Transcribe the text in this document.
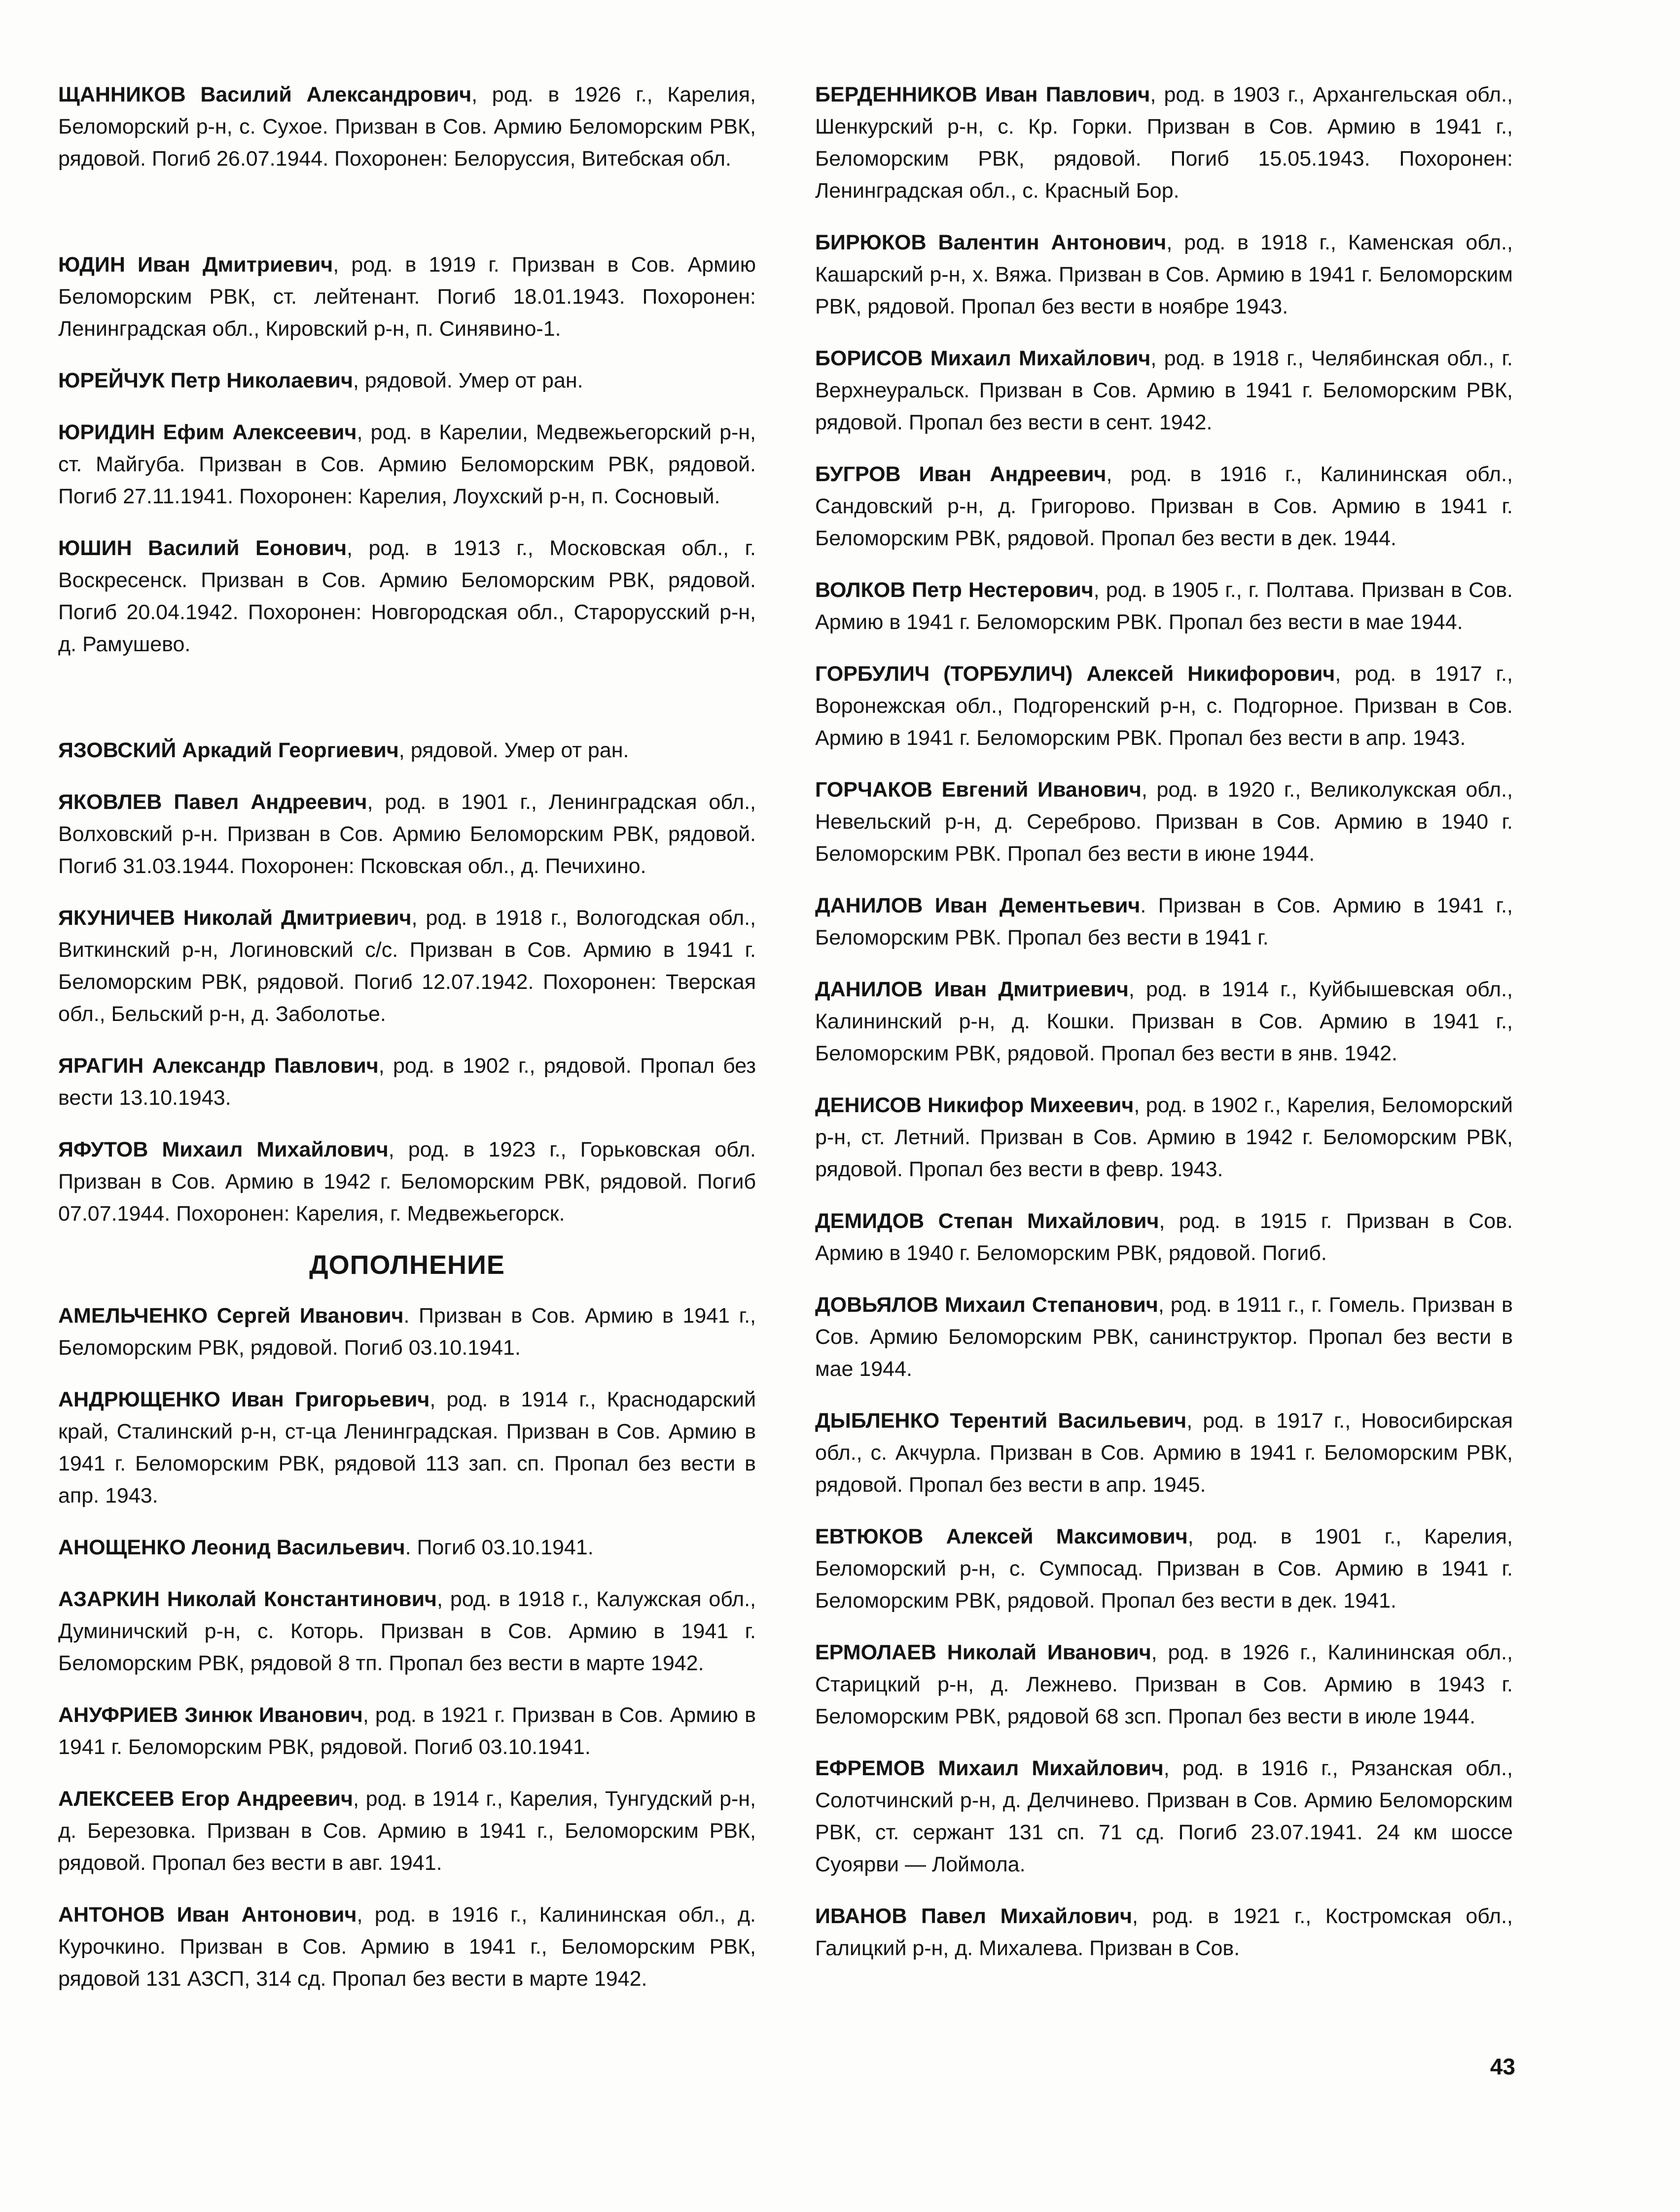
ЩАННИКОВ Василий Александрович, род. в 1926 г., Карелия, Беломорский р-н, с. Сухое. Призван в Сов. Армию Беломорским РВК, рядовой. Погиб 26.07.1944. Похоронен: Белоруссия, Витебская обл.

ЮДИН Иван Дмитриевич, род. в 1919 г. Призван в Сов. Армию Беломорским РВК, ст. лейтенант. Погиб 18.01.1943. Похоронен: Ленинградская обл., Кировский р-н, п. Синявино-1.

ЮРЕЙЧУК Петр Николаевич, рядовой. Умер от ран.

ЮРИДИН Ефим Алексеевич, род. в Карелии, Медвежьегорский р-н, ст. Майгуба. Призван в Сов. Армию Беломорским РВК, рядовой. Погиб 27.11.1941. Похоронен: Карелия, Лоухский р-н, п. Сосновый.

ЮШИН Василий Еонович, род. в 1913 г., Московская обл., г. Воскресенск. Призван в Сов. Армию Беломорским РВК, рядовой. Погиб 20.04.1942. Похоронен: Новгородская обл., Старорусский р-н, д. Рамушево.

ЯЗОВСКИЙ Аркадий Георгиевич, рядовой. Умер от ран.

ЯКОВЛЕВ Павел Андреевич, род. в 1901 г., Ленинградская обл., Волховский р-н. Призван в Сов. Армию Беломорским РВК, рядовой. Погиб 31.03.1944. Похоронен: Псковская обл., д. Печихино.

ЯКУНИЧЕВ Николай Дмитриевич, род. в 1918 г., Вологодская обл., Виткинский р-н, Логиновский с/с. Призван в Сов. Армию в 1941 г. Беломорским РВК, рядовой. Погиб 12.07.1942. Похоронен: Тверская обл., Бельский р-н, д. Заболотье.

ЯРАГИН Александр Павлович, род. в 1902 г., рядовой. Пропал без вести 13.10.1943.

ЯФУТОВ Михаил Михайлович, род. в 1923 г., Горьковская обл. Призван в Сов. Армию в 1942 г. Беломорским РВК, рядовой. Погиб 07.07.1944. Похоронен: Карелия, г. Медвежьегорск.

ДОПОЛНЕНИЕ

АМЕЛЬЧЕНКО Сергей Иванович. Призван в Сов. Армию в 1941 г., Беломорским РВК, рядовой. Погиб 03.10.1941.

АНДРЮЩЕНКО Иван Григорьевич, род. в 1914 г., Краснодарский край, Сталинский р-н, ст-ца Ленинградская. Призван в Сов. Армию в 1941 г. Беломорским РВК, рядовой 113 зап. сп. Пропал без вести в апр. 1943.

АНОЩЕНКО Леонид Васильевич. Погиб 03.10.1941.

АЗАРКИН Николай Константинович, род. в 1918 г., Калужская обл., Думиничский р-н, с. Которь. Призван в Сов. Армию в 1941 г. Беломорским РВК, рядовой 8 тп. Пропал без вести в марте 1942.

АНУФРИЕВ Зинюк Иванович, род. в 1921 г. Призван в Сов. Армию в 1941 г. Беломорским РВК, рядовой. Погиб 03.10.1941.

АЛЕКСЕЕВ Егор Андреевич, род. в 1914 г., Карелия, Тунгудский р-н, д. Березовка. Призван в Сов. Армию в 1941 г., Беломорским РВК, рядовой. Пропал без вести в авг. 1941.

АНТОНОВ Иван Антонович, род. в 1916 г., Калининская обл., д. Курочкино. Призван в Сов. Армию в 1941 г., Беломорским РВК, рядовой 131 АЗСП, 314 сд. Пропал без вести в марте 1942.

БЕРДЕННИКОВ Иван Павлович, род. в 1903 г., Архангельская обл., Шенкурский р-н, с. Кр. Горки. Призван в Сов. Армию в 1941 г., Беломорским РВК, рядовой. Погиб 15.05.1943. Похоронен: Ленинградская обл., с. Красный Бор.

БИРЮКОВ Валентин Антонович, род. в 1918 г., Каменская обл., Кашарский р-н, х. Вяжа. Призван в Сов. Армию в 1941 г. Беломорским РВК, рядовой. Пропал без вести в ноябре 1943.

БОРИСОВ Михаил Михайлович, род. в 1918 г., Челябинская обл., г. Верхнеуральск. Призван в Сов. Армию в 1941 г. Беломорским РВК, рядовой. Пропал без вести в сент. 1942.

БУГРОВ Иван Андреевич, род. в 1916 г., Калининская обл., Сандовский р-н, д. Григорово. Призван в Сов. Армию в 1941 г. Беломорским РВК, рядовой. Пропал без вести в дек. 1944.

ВОЛКОВ Петр Нестерович, род. в 1905 г., г. Полтава. Призван в Сов. Армию в 1941 г. Беломорским РВК. Пропал без вести в мае 1944.

ГОРБУЛИЧ (ТОРБУЛИЧ) Алексей Никифорович, род. в 1917 г., Воронежская обл., Подгоренский р-н, с. Подгорное. Призван в Сов. Армию в 1941 г. Беломорским РВК. Пропал без вести в апр. 1943.

ГОРЧАКОВ Евгений Иванович, род. в 1920 г., Великолукская обл., Невельский р-н, д. Сереброво. Призван в Сов. Армию в 1940 г. Беломорским РВК. Пропал без вести в июне 1944.

ДАНИЛОВ Иван Дементьевич. Призван в Сов. Армию в 1941 г., Беломорским РВК. Пропал без вести в 1941 г.

ДАНИЛОВ Иван Дмитриевич, род. в 1914 г., Куйбышевская обл., Калининский р-н, д. Кошки. Призван в Сов. Армию в 1941 г., Беломорским РВК, рядовой. Пропал без вести в янв. 1942.

ДЕНИСОВ Никифор Михеевич, род. в 1902 г., Карелия, Беломорский р-н, ст. Летний. Призван в Сов. Армию в 1942 г. Беломорским РВК, рядовой. Пропал без вести в февр. 1943.

ДЕМИДОВ Степан Михайлович, род. в 1915 г. Призван в Сов. Армию в 1940 г. Беломорским РВК, рядовой. Погиб.

ДОВЬЯЛОВ Михаил Степанович, род. в 1911 г., г. Гомель. Призван в Сов. Армию Беломорским РВК, санинструктор. Пропал без вести в мае 1944.

ДЫБЛЕНКО Терентий Васильевич, род. в 1917 г., Новосибирская обл., с. Акчурла. Призван в Сов. Армию в 1941 г. Беломорским РВК, рядовой. Пропал без вести в апр. 1945.

ЕВТЮКОВ Алексей Максимович, род. в 1901 г., Карелия, Беломорский р-н, с. Сумпосад. Призван в Сов. Армию в 1941 г. Беломорским РВК, рядовой. Пропал без вести в дек. 1941.

ЕРМОЛАЕВ Николай Иванович, род. в 1926 г., Калининская обл., Старицкий р-н, д. Лежнево. Призван в Сов. Армию в 1943 г. Беломорским РВК, рядовой 68 зсп. Пропал без вести в июле 1944.

ЕФРЕМОВ Михаил Михайлович, род. в 1916 г., Рязанская обл., Солотчинский р-н, д. Делчинево. Призван в Сов. Армию Беломорским РВК, ст. сержант 131 сп. 71 сд. Погиб 23.07.1941. 24 км шоссе Суоярви — Лоймола.

ИВАНОВ Павел Михайлович, род. в 1921 г., Костромская обл., Галицкий р-н, д. Михалева. Призван в Сов.

43
